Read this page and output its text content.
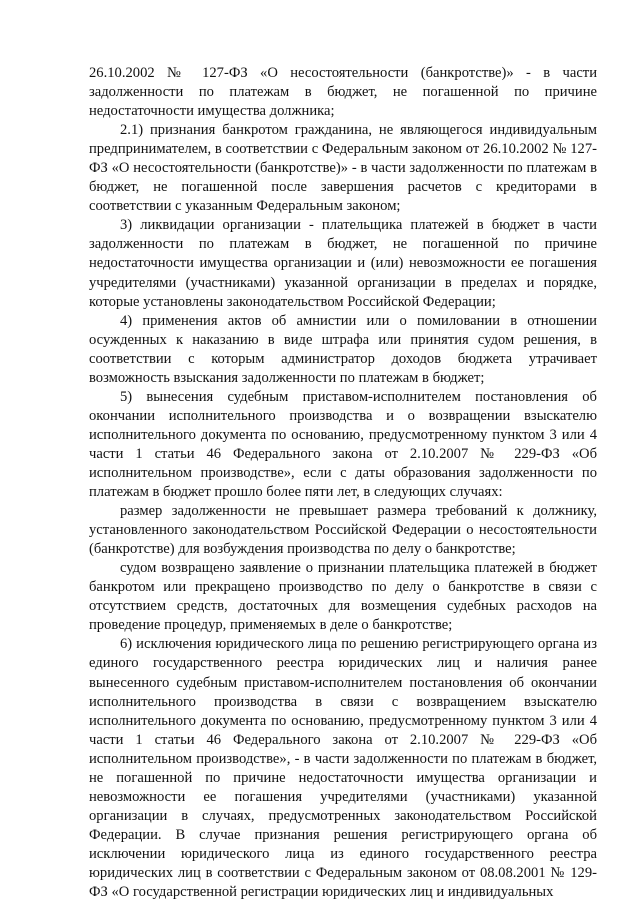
26.10.2002 № 127-ФЗ «О несостоятельности (банкротстве)» - в части задолженности по платежам в бюджет, не погашенной по причине недостаточности имущества должника;

2.1) признания банкротом гражданина, не являющегося индивидуальным предпринимателем, в соответствии с Федеральным законом от 26.10.2002 № 127-ФЗ «О несостоятельности (банкротстве)» - в части задолженности по платежам в бюджет, не погашенной после завершения расчетов с кредиторами в соответствии с указанным Федеральным законом;

3) ликвидации организации - плательщика платежей в бюджет в части задолженности по платежам в бюджет, не погашенной по причине недостаточности имущества организации и (или) невозможности ее погашения учредителями (участниками) указанной организации в пределах и порядке, которые установлены законодательством Российской Федерации;

4) применения актов об амнистии или о помиловании в отношении осужденных к наказанию в виде штрафа или принятия судом решения, в соответствии с которым администратор доходов бюджета утрачивает возможность взыскания задолженности по платежам в бюджет;

5) вынесения судебным приставом-исполнителем постановления об окончании исполнительного производства и о возвращении взыскателю исполнительного документа по основанию, предусмотренному пунктом 3 или 4 части 1 статьи 46 Федерального закона от 2.10.2007 № 229-ФЗ «Об исполнительном производстве», если с даты образования задолженности по платежам в бюджет прошло более пяти лет, в следующих случаях:

размер задолженности не превышает размера требований к должнику, установленного законодательством Российской Федерации о несостоятельности (банкротстве) для возбуждения производства по делу о банкротстве;

судом возвращено заявление о признании плательщика платежей в бюджет банкротом или прекращено производство по делу о банкротстве в связи с отсутствием средств, достаточных для возмещения судебных расходов на проведение процедур, применяемых в деле о банкротстве;

6) исключения юридического лица по решению регистрирующего органа из единого государственного реестра юридических лиц и наличия ранее вынесенного судебным приставом-исполнителем постановления об окончании исполнительного производства в связи с возвращением взыскателю исполнительного документа по основанию, предусмотренному пунктом 3 или 4 части 1 статьи 46 Федерального закона от 2.10.2007 № 229-ФЗ «Об исполнительном производстве», - в части задолженности по платежам в бюджет, не погашенной по причине недостаточности имущества организации и невозможности ее погашения учредителями (участниками) указанной организации в случаях, предусмотренных законодательством Российской Федерации. В случае признания решения регистрирующего органа об исключении юридического лица из единого государственного реестра юридических лиц в соответствии с Федеральным законом от 08.08.2001 № 129-ФЗ «О государственной регистрации юридических лиц и индивидуальных
